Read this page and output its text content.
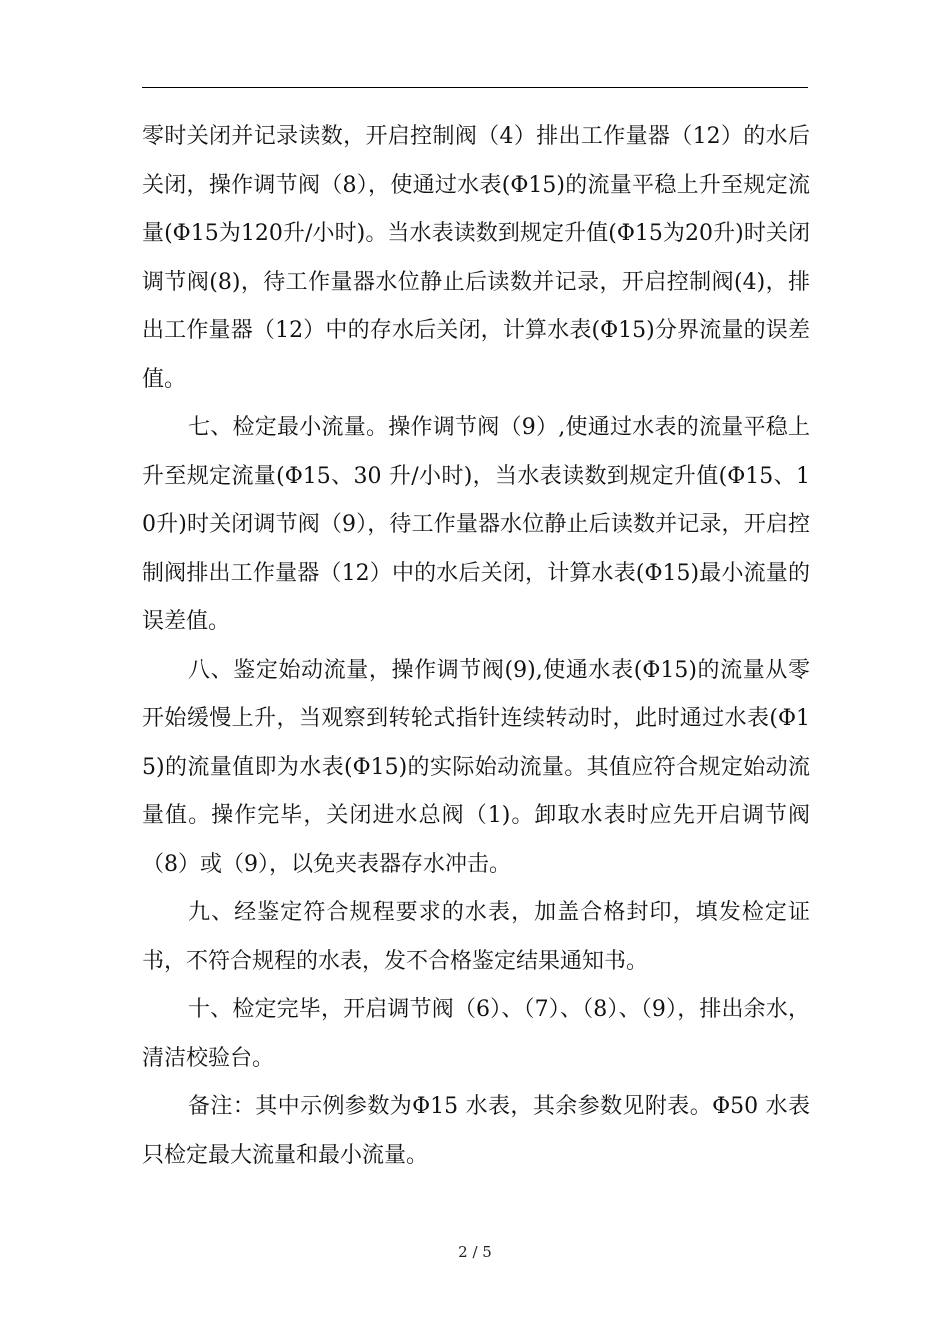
零时关闭并记录读数，开启控制阀（4）排出工作量器（12）的水后关闭，操作调节阀（8），使通过水表(Φ15)的流量平稳上升至规定流量(Φ15为120升/小时)。当水表读数到规定升值(Φ15为20升)时关闭调节阀(8)，待工作量器水位静止后读数并记录，开启控制阀(4)，排出工作量器（12）中的存水后关闭，计算水表(Φ15)分界流量的误差值。

七、检定最小流量。操作调节阀（9）,使通过水表的流量平稳上升至规定流量(Φ15、30 升/小时)，当水表读数到规定升值(Φ15、10升)时关闭调节阀（9），待工作量器水位静止后读数并记录，开启控制阀排出工作量器（12）中的水后关闭，计算水表(Φ15)最小流量的误差值。

八、鉴定始动流量，操作调节阀(9),使通水表(Φ15)的流量从零开始缓慢上升，当观察到转轮式指针连续转动时，此时通过水表(Φ15)的流量值即为水表(Φ15)的实际始动流量。其值应符合规定始动流量值。操作完毕，关闭进水总阀（1)。卸取水表时应先开启调节阀（8）或（9），以免夹表器存水冲击。

九、经鉴定符合规程要求的水表，加盖合格封印，填发检定证书，不符合规程的水表，发不合格鉴定结果通知书。

十、检定完毕，开启调节阀（6）、（7）、（8）、（9），排出余水，清洁校验台。

备注：其中示例参数为Φ15 水表，其余参数见附表。Φ50 水表只检定最大流量和最小流量。

2 / 5
